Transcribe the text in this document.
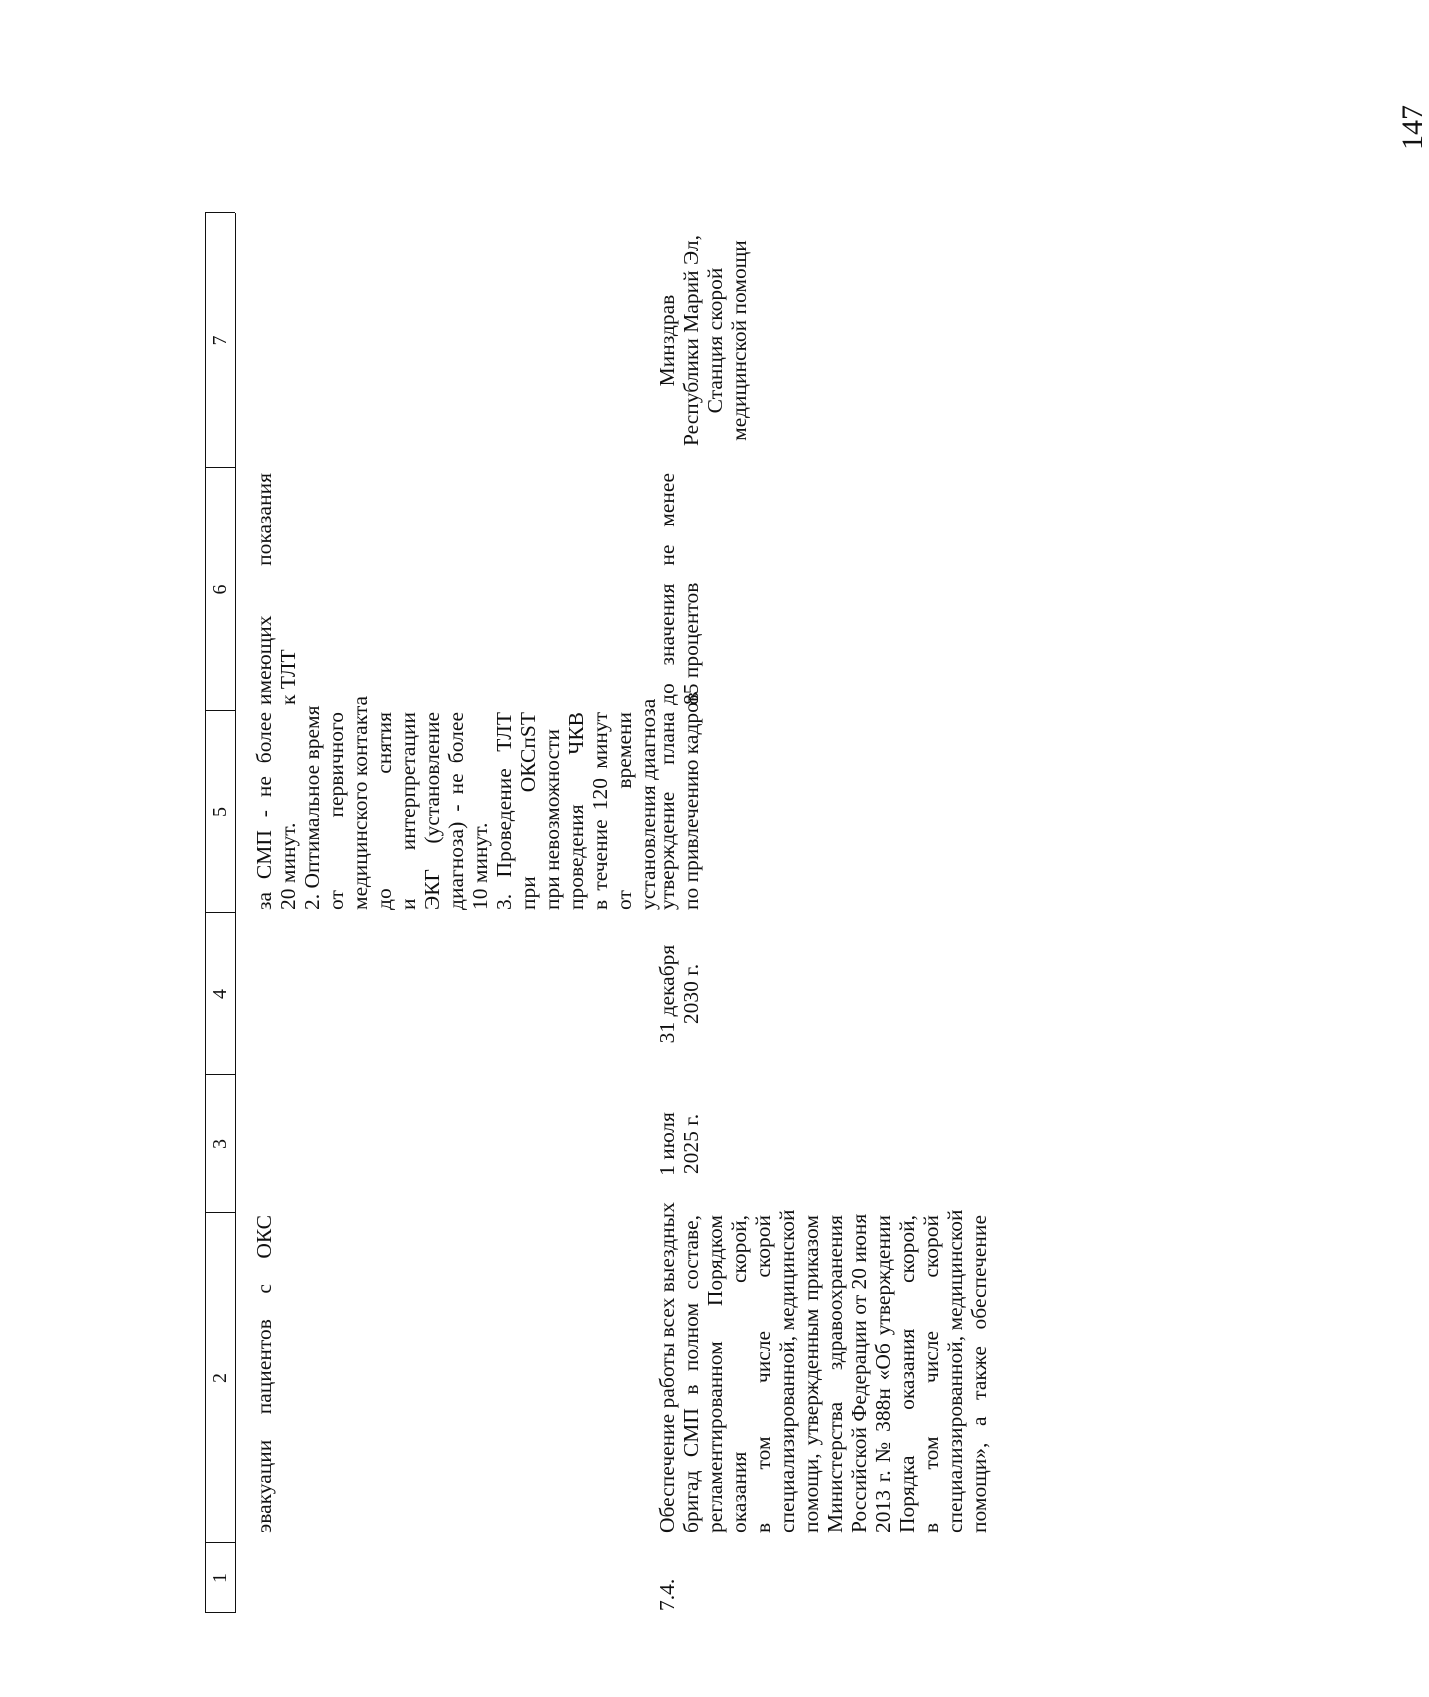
147
1
2
3
4
5
6
7
эвакуации пациентов с ОКС
за СМП - не более 20 минут. 2. Оптимальное время от первичного медицинского контакта до снятия и интерпретации ЭКГ (установление диагноза) - не более 10 минут. 3. Проведение ТЛТ при ОКСпST при невозможности проведения ЧКВ в течение 120 минут от времени установления диагноза
имеющих показания к ТЛТ
7.4.
Обеспечение работы всех выездных бригад СМП в полном составе, регламентированном Порядком оказания скорой, в том числе скорой специализированной, медицинской помощи, утвержденным приказом Министерства здравоохранения Российской Федерации от 20 июня 2013 г. № 388н «Об утверждении Порядка оказания скорой, в том числе скорой специализированной, медицинской помощи», а также обеспечение
1 июля 2025 г.
31 декабря 2030 г.
утверждение плана по привлечению кадров
до значения не менее 85 процентов
Минздрав Республики Марий Эл, Станция скорой медицинской помощи
